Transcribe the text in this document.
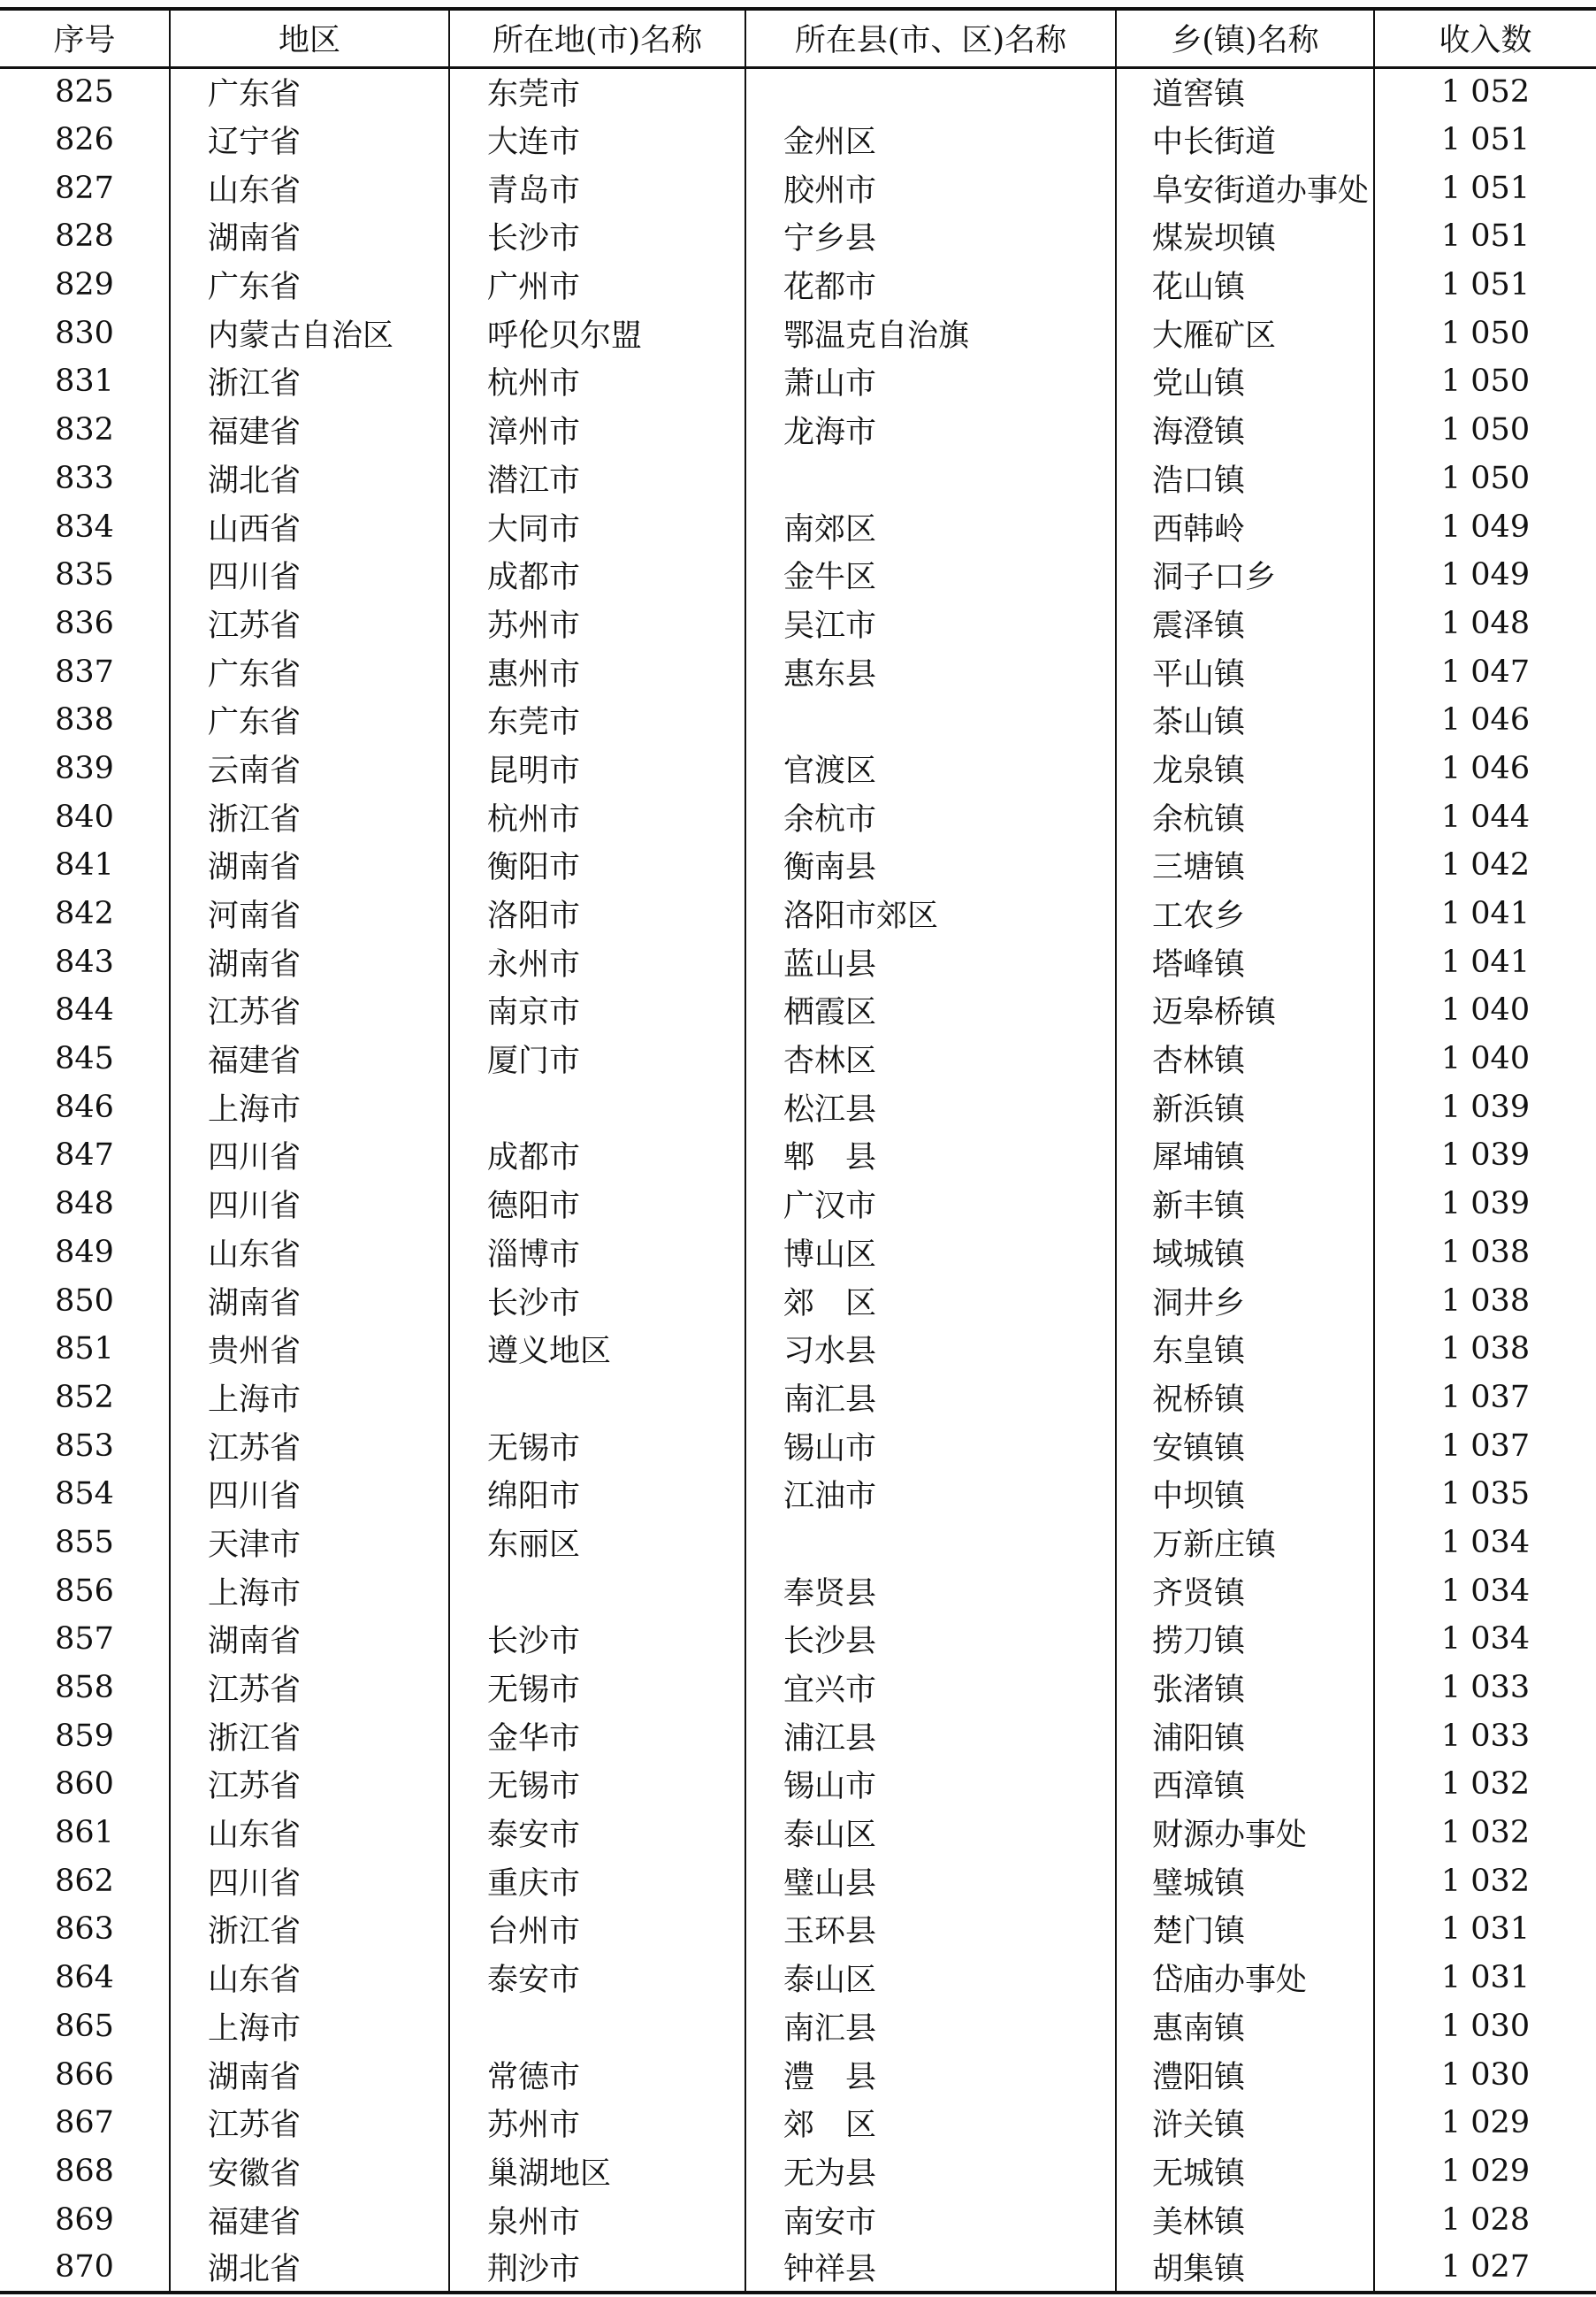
序号	地区	所在地(市)名称	所在县(市、区)名称	乡(镇)名称	收入数
825	广东省	东莞市		道窖镇	1 052
826	辽宁省	大连市	金州区	中长街道	1 051
827	山东省	青岛市	胶州市	阜安街道办事处	1 051
828	湖南省	长沙市	宁乡县	煤炭坝镇	1 051
829	广东省	广州市	花都市	花山镇	1 051
830	内蒙古自治区	呼伦贝尔盟	鄂温克自治旗	大雁矿区	1 050
831	浙江省	杭州市	萧山市	党山镇	1 050
832	福建省	漳州市	龙海市	海澄镇	1 050
833	湖北省	潜江市		浩口镇	1 050
834	山西省	大同市	南郊区	西韩岭	1 049
835	四川省	成都市	金牛区	洞子口乡	1 049
836	江苏省	苏州市	吴江市	震泽镇	1 048
837	广东省	惠州市	惠东县	平山镇	1 047
838	广东省	东莞市		茶山镇	1 046
839	云南省	昆明市	官渡区	龙泉镇	1 046
840	浙江省	杭州市	余杭市	余杭镇	1 044
841	湖南省	衡阳市	衡南县	三塘镇	1 042
842	河南省	洛阳市	洛阳市郊区	工农乡	1 041
843	湖南省	永州市	蓝山县	塔峰镇	1 041
844	江苏省	南京市	栖霞区	迈皋桥镇	1 040
845	福建省	厦门市	杏林区	杏林镇	1 040
846	上海市		松江县	新浜镇	1 039
847	四川省	成都市	郫　县	犀埔镇	1 039
848	四川省	德阳市	广汉市	新丰镇	1 039
849	山东省	淄博市	博山区	域城镇	1 038
850	湖南省	长沙市	郊　区	洞井乡	1 038
851	贵州省	遵义地区	习水县	东皇镇	1 038
852	上海市		南汇县	祝桥镇	1 037
853	江苏省	无锡市	锡山市	安镇镇	1 037
854	四川省	绵阳市	江油市	中坝镇	1 035
855	天津市	东丽区		万新庄镇	1 034
856	上海市		奉贤县	齐贤镇	1 034
857	湖南省	长沙市	长沙县	捞刀镇	1 034
858	江苏省	无锡市	宜兴市	张渚镇	1 033
859	浙江省	金华市	浦江县	浦阳镇	1 033
860	江苏省	无锡市	锡山市	西漳镇	1 032
861	山东省	泰安市	泰山区	财源办事处	1 032
862	四川省	重庆市	璧山县	璧城镇	1 032
863	浙江省	台州市	玉环县	楚门镇	1 031
864	山东省	泰安市	泰山区	岱庙办事处	1 031
865	上海市		南汇县	惠南镇	1 030
866	湖南省	常德市	澧　县	澧阳镇	1 030
867	江苏省	苏州市	郊　区	浒关镇	1 029
868	安徽省	巢湖地区	无为县	无城镇	1 029
869	福建省	泉州市	南安市	美林镇	1 028
870	湖北省	荆沙市	钟祥县	胡集镇	1 027
